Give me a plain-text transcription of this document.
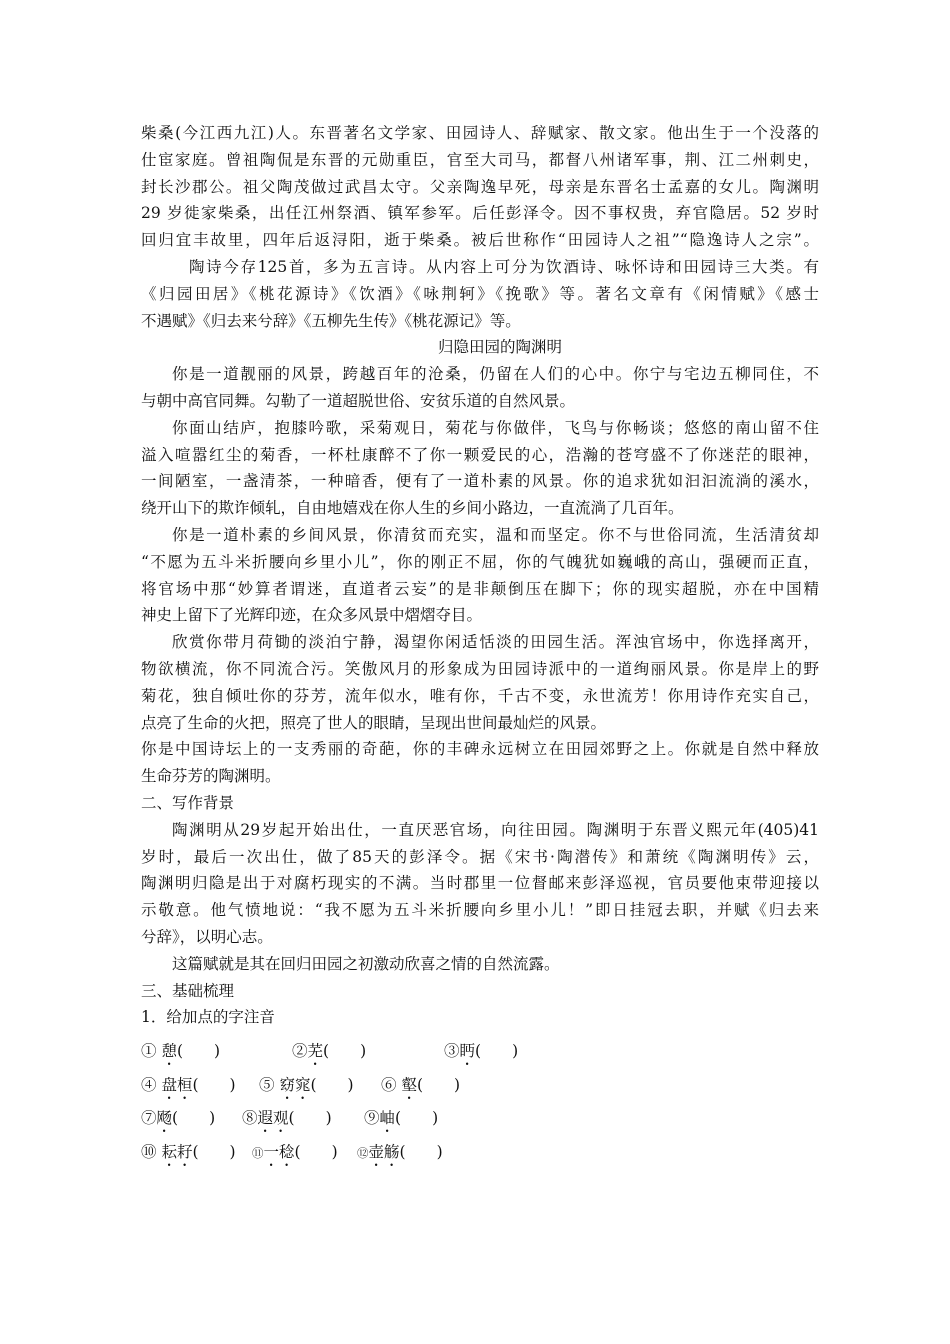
柴桑(今江西九江)人。东晋著名文学家、田园诗人、辞赋家、散文家。他出生于一个没落的
仕宦家庭。曾祖陶侃是东晋的元勋重臣，官至大司马，都督八州诸军事，荆、江二州刺史，
封长沙郡公。祖父陶茂做过武昌太守。父亲陶逸早死，母亲是东晋名士孟嘉的女儿。陶渊明
29 岁徙家柴桑，出任江州祭酒、镇军参军。后任彭泽令。因不事权贵，弃官隐居。52 岁时
回归宜丰故里，四年后返浔阳，逝于柴桑。被后世称作“田园诗人之祖”“隐逸诗人之宗”。
陶诗今存125首，多为五言诗。从内容上可分为饮酒诗、咏怀诗和田园诗三大类。有
《归园田居》《桃花源诗》《饮酒》《咏荆轲》《挽歌》等。著名文章有《闲情赋》《感士
不遇赋》《归去来兮辞》《五柳先生传》《桃花源记》等。
归隐田园的陶渊明
你是一道靓丽的风景，跨越百年的沧桑，仍留在人们的心中。你宁与宅边五柳同住，不
与朝中高官同舞。勾勒了一道超脱世俗、安贫乐道的自然风景。
你面山结庐，抱膝吟歌，采菊观日，菊花与你做伴，飞鸟与你畅谈；悠悠的南山留不住
溢入喧嚣红尘的菊香，一杯杜康醉不了你一颗爱民的心，浩瀚的苍穹盛不了你迷茫的眼神，
一间陋室，一盏清茶，一种暗香，便有了一道朴素的风景。你的追求犹如汩汩流淌的溪水，
绕开山下的欺诈倾轧，自由地嬉戏在你人生的乡间小路边，一直流淌了几百年。
你是一道朴素的乡间风景，你清贫而充实，温和而坚定。你不与世俗同流，生活清贫却
“不愿为五斗米折腰向乡里小儿”，你的刚正不屈，你的气魄犹如巍峨的高山，强硬而正直，
将官场中那“妙算者谓迷，直道者云妄”的是非颠倒压在脚下；你的现实超脱，亦在中国精
神史上留下了光辉印迹，在众多风景中熠熠夺目。
欣赏你带月荷锄的淡泊宁静，渴望你闲适恬淡的田园生活。浑浊官场中，你选择离开，
物欲横流，你不同流合污。笑傲风月的形象成为田园诗派中的一道绚丽风景。你是岸上的野
菊花，独自倾吐你的芬芳，流年似水，唯有你，千古不变，永世流芳！你用诗作充实自己，
点亮了生命的火把，照亮了世人的眼睛，呈现出世间最灿烂的风景。
你是中国诗坛上的一支秀丽的奇葩，你的丰碑永远树立在田园郊野之上。你就是自然中释放
生命芬芳的陶渊明。
二、写作背景
陶渊明从29岁起开始出仕，一直厌恶官场，向往田园。陶渊明于东晋义熙元年(405)41
岁时，最后一次出仕，做了85天的彭泽令。据《宋书·陶潜传》和萧统《陶渊明传》云，
陶渊明归隐是出于对腐朽现实的不满。当时郡里一位督邮来彭泽巡视，官员要他束带迎接以
示敬意。他气愤地说：“我不愿为五斗米折腰向乡里小儿！”即日挂冠去职，并赋《归去来
兮辞》，以明心志。
这篇赋就是其在回归田园之初激动欣喜之情的自然流露。
三、基础梳理
1．给加点的字注音
① 憩(　　)	②芜(　　)	③眄(　　)
④ 盘桓(　　) ⑤ 窈窕(　　) ⑥ 壑(　　)
⑦飏(　　) ⑧遐观(　　) ⑨岫(　　)
⑩ 耘耔(　　) ⑪一稔(　　) ⑫壶觞(　　)
